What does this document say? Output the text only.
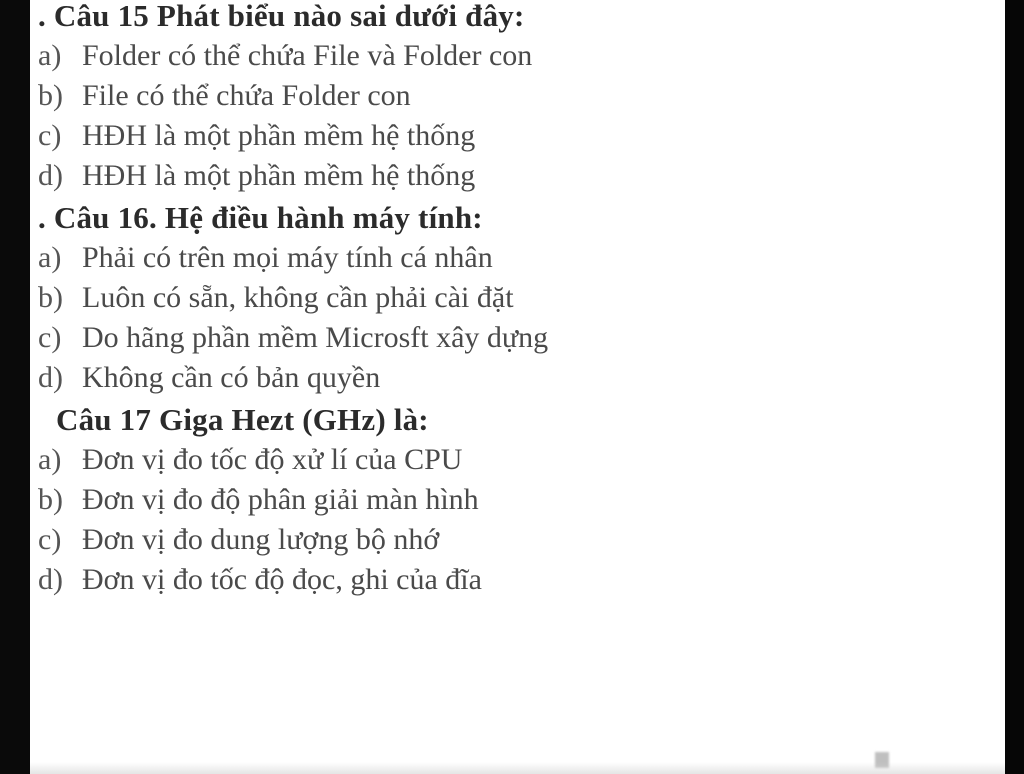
. Câu 15 Phát biểu nào sai dưới đây:
a) Folder có thể chứa File và Folder con
b) File có thể chứa Folder con
c) HĐH là một phần mềm hệ thống
d) HĐH là một phần mềm hệ thống
. Câu 16. Hệ điều hành máy tính:
a) Phải có trên mọi máy tính cá nhân
b) Luôn có sẵn, không cần phải cài đặt
c) Do hãng phần mềm Microsft xây dựng
d) Không cần có bản quyền
Câu 17 Giga Hezt (GHz) là:
a) Đơn vị đo tốc độ xử lí của CPU
b) Đơn vị đo độ phân giải màn hình
c) Đơn vị đo dung lượng bộ nhớ
d) Đơn vị đo tốc độ đọc, ghi của đĩa
